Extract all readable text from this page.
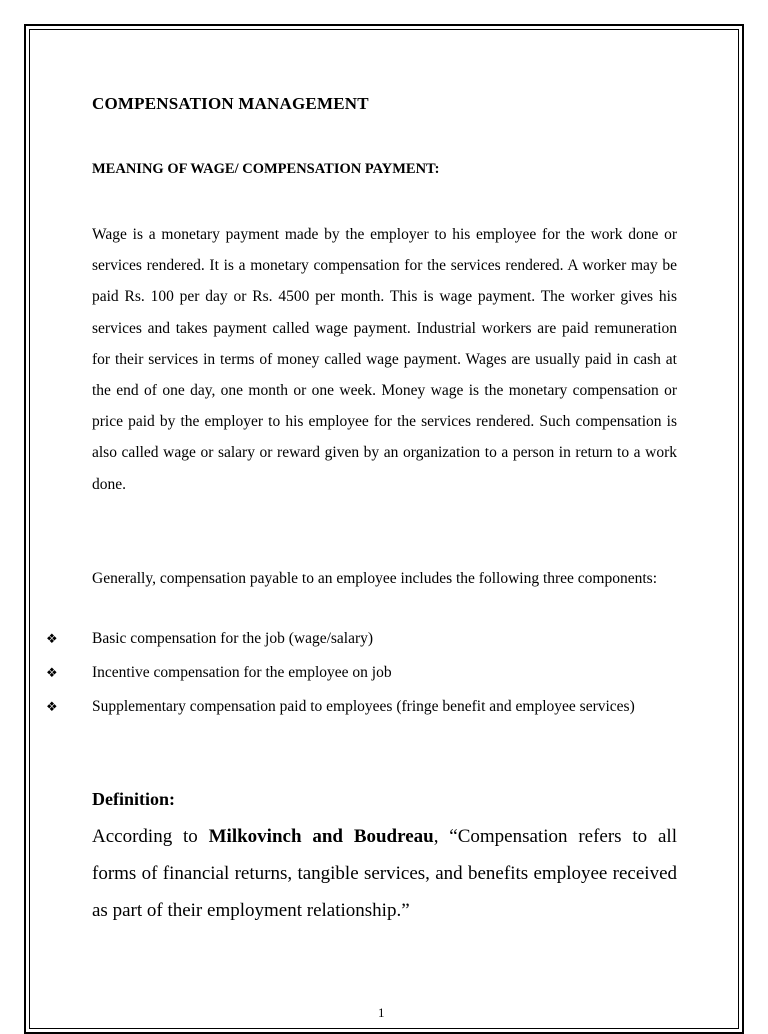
COMPENSATION MANAGEMENT
MEANING OF WAGE/ COMPENSATION PAYMENT:

Wage is a monetary payment made by the employer to his employee for the work done or services rendered. It is a monetary compensation for the services rendered. A worker may be paid Rs. 100 per day or Rs. 4500 per month. This is wage payment. The worker gives his services and takes payment called wage payment. Industrial workers are paid remuneration for their services in terms of money called wage payment. Wages are usually paid in cash at the end of one day, one month or one week. Money wage is the monetary compensation or price paid by the employer to his employee for the services rendered. Such compensation is also called wage or salary or reward given by an organization to a person in return to a work done.

Generally, compensation payable to an employee includes the following three components:

❖ Basic compensation for the job (wage/salary)
❖ Incentive compensation for the employee on job
❖ Supplementary compensation paid to employees (fringe benefit and employee services)
Definition:

According to Milkovinch and Boudreau, “Compensation refers to all forms of financial returns, tangible services, and benefits employee received as part of their employment relationship.”

1
